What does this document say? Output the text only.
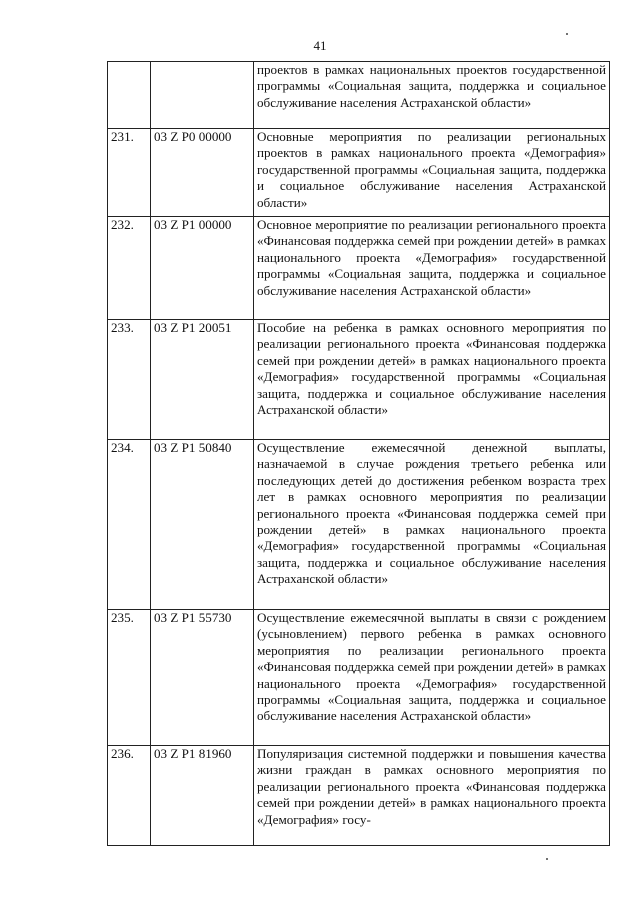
41
		проектов в рамках национальных проектов государственной программы «Социальная защита, поддержка и социальное обслуживание населения Астраханской области»
231.	03 Z P0 00000	Основные мероприятия по реализации региональных проектов в рамках национального проекта «Демография» государственной программы «Социальная защита, поддержка и социальное обслуживание населения Астраханской области»
232.	03 Z P1 00000	Основное мероприятие по реализации регионального проекта «Финансовая поддержка семей при рождении детей» в рамках национального проекта «Демография» государственной программы «Социальная защита, поддержка и социальное обслуживание населения Астраханской области»
233.	03 Z P1 20051	Пособие на ребенка в рамках основного мероприятия по реализации регионального проекта «Финансовая поддержка семей при рождении детей» в рамках национального проекта «Демография» государственной программы «Социальная защита, поддержка и социальное обслуживание населения Астраханской области»
234.	03 Z P1 50840	Осуществление ежемесячной денежной выплаты, назначаемой в случае рождения третьего ребенка или последующих детей до достижения ребенком возраста трех лет в рамках основного мероприятия по реализации регионального проекта «Финансовая поддержка семей при рождении детей» в рамках национального проекта «Демография» государственной программы «Социальная защита, поддержка и социальное обслуживание населения Астраханской области»
235.	03 Z P1 55730	Осуществление ежемесячной выплаты в связи с рождением (усыновлением) первого ребенка в рамках основного мероприятия по реализации регионального проекта «Финансовая поддержка семей при рождении детей» в рамках национального проекта «Демография» государственной программы «Социальная защита, поддержка и социальное обслуживание населения Астраханской области»
236.	03 Z P1 81960	Популяризация системной поддержки и повышения качества жизни граждан в рамках основного мероприятия по реализации регионального проекта «Финансовая поддержка семей при рождении детей» в рамках национального проекта «Демография» госу-
